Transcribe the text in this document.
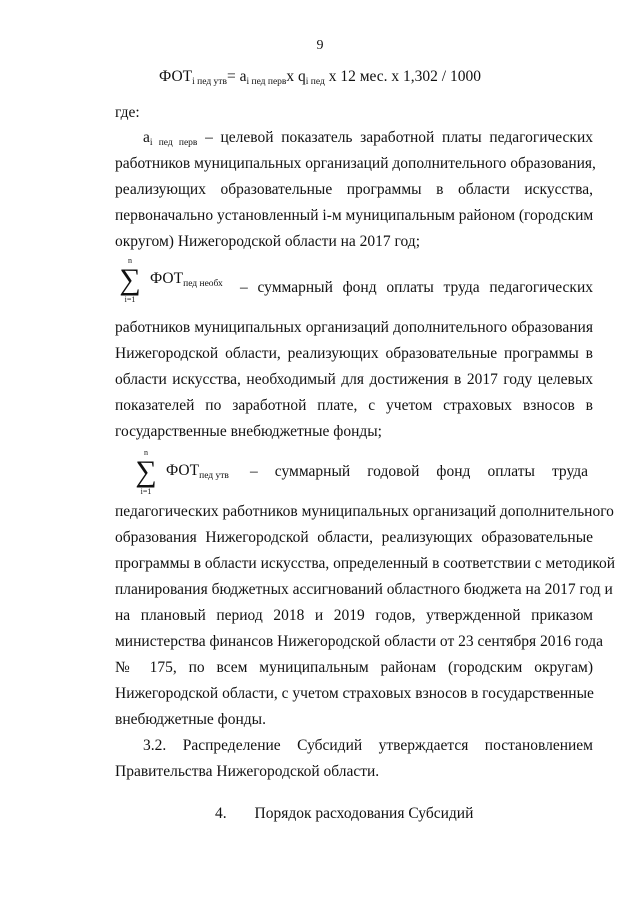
9
ФОТi пед утв= ai пед первx qi пед x 12 мес. x 1,302 / 1000
где:
ai пед перв – целевой показатель заработной платы педагогических
работников муниципальных организаций дополнительного образования,
реализующих образовательные программы в области искусства,
первоначально установленный i-м муниципальным районом (городским
округом) Нижегородской области на 2017 год;
n
∑
i=1
ФОТпед необх – суммарный фонд оплаты труда педагогических
работников муниципальных организаций дополнительного образования
Нижегородской области, реализующих образовательные программы в
области искусства, необходимый для достижения в 2017 году целевых
показателей по заработной плате, с учетом страховых взносов в
государственные внебюджетные фонды;
n
∑
i=1
ФОТпед утв – суммарный годовой фонд оплаты труда
педагогических работников муниципальных организаций дополнительного
образования Нижегородской области, реализующих образовательные
программы в области искусства, определенный в соответствии с методикой
планирования бюджетных ассигнований областного бюджета на 2017 год и
на плановый период 2018 и 2019 годов, утвержденной приказом
министерства финансов Нижегородской области от 23 сентября 2016 года
№ 175, по всем муниципальным районам (городским округам)
Нижегородской области, с учетом страховых взносов в государственные
внебюджетные фонды.
3.2. Распределение Субсидий утверждается постановлением
Правительства Нижегородской области.
4. Порядок расходования Субсидий
